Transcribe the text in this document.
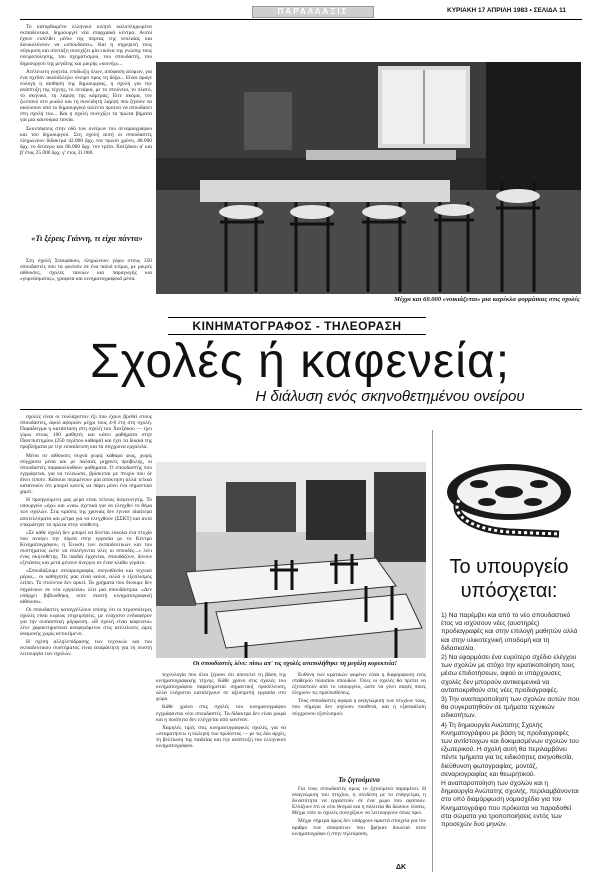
ΠΑΡΑΛΛΑΞΙΣ	ΚΥΡΙΑΚΗ 17 ΑΠΡΙΛΗ 1983 • ΣΕΛΙΔΑ 11

Το κατορθωμένο ελληνικό κινητό καλοπληρωμένο εκπαιδευτικό, δημιουργεί νέα επαρχιακά κέντρα. Αυτοί έχουν εισέλθει μέσω της πόρτας της νεολαίας και διευκολύνουν να «σπουδάσει». Και η σημερινή τους σύγκριση και σύνταξη συνεχίζει μία εικόνα της γνώσης τους ονειροπόλησης, του σχηματισμού, του σπουδαστή, του δημιουργού της μεγάλης και μικρής «κοινής»...

Ατέλειωτη γοητεία, επιδίωξη όλων, απόφαση ατόμων, για ένα σχεδόν ακατάλληλο όνειρο προς τη δόξα... Είναι άραγε εύλογη η αίσθηση της δημιουργίας, η σχολή για την ανάπτυξη της τέχνης, το σενάριο, με το στούντιο, το πλατό, το σκηνικό, τη λάμψη της κάμερας; Είτε ακόμα, τον ζωντανό στο μυαλό και τη συνειδητή λάμψη που ζητούν να ακούσουν από το δημιουργικό ταλέντο προτού να σπουδάσει στη σχολή του... Και η σχολή συνεχίζει τα πρώτα βήματα για μια καινούρια ταινία.

Σκοντάφτεις στην οδό των ονείρων του σεναριογράφου και του δημιουργού. Στη σχολή αυτή οι σπουδαστές πληρώνουν δίδακτρα 42.000 δρχ. τον πρώτο χρόνο, 48.000 δρχ. το δεύτερο και 66.000 δρχ. τον τρίτο. Χατζάκου α' και β' έτος 25.000 δρχ. γ' έτος 31.000.

«Τι ξέρεις Γιάννη, τι είχα πάντα»

Στη σχολή Σταυράκου, πληρώνουν γύρω στους 350 σπουδαστές που τα φοιτούν σε ένα παλιό κτίριο, με μικρές αίθουσες, σχολές ταινιών και παραγωγής και «γυμνάσματος», γραφεία και κινηματογραφικά μέσα.

Μέχρι και 60.000 «νοικιάζεται» μια καρέκλα φορμάικας στις σχολές
ΚΙΝΗΜΑΤΟΓΡΑΦΟΣ - ΤΗΛΕΟΡΑΣΗ
Σχολές ή καφενεία;
Η διάλυση ενός σκηνοθετημένου ονείρου

σχολές είναι οι τουλάχιστον έξι που έχουν βρεθεί στους σπουδαστές, αφού αφορούν μέχρι τους 4-6 έτη στη σχολή. Παράδειγμα η κατάσταση στη σχολή του Χατζάκου — έχει γύρω στους 100 μαθητές και κάνει μαθήματα στην Πανεπιστημίου (250 περίπου καθαρά) και έχει τα δίκαιά της προβλήματα με την εκπαίδευση και τα σύγχρονα εργαλεία.

Μέσα σε αίθουσες συχνά χωρίς καθαρό φως, χωρίς σύγχρονα μέσα και με παλαιές μηχανές προβολής, οι σπουδαστές παρακολουθούν μαθήματα. Ο σπουδαστής που εγγράφεται, για να τελειώσει, βρίσκεται με πτυχίο που δε δίνει τίποτε. Κάποιοι περιμένουν μια απόκτηση αλλά τελικά κατανοούν ότι μπορεί κανείς να πάρει μόνο ένα σημαντικό χαρτί.

Η προηγούμενη μας μέρα είναι τέλειος διερευνητής. Το υπουργείο «όχι» και «ναι» σχετικά για να ελεγχθεί το θέμα των σχολών. Στις κρίσεις της χρονιάς δεν έγιναν ιδιαίτερα αποτελέσματα και μέτρα για να ελεγχθούν (ΣΣΚΤ) και αυτό επικράτησε τα πρώτα στην υπόθεση.

«Σε κάθε σχολή δεν μπορεί να δίνεται εύκολα ένα πτυχίο που ανοίγει την πόρτα στην εργασία με το Κέντρο Κινηματογράφου, η Ένωση των εκπαιδευτικών και του συστήματος ώστε να επιλέγονται όλες οι σπουδές...» λέει ένας σκηνοθέτης. Τα παιδιά έρχονται, σπουδάζουν, δίνουν εξετάσεις και μετά μένουν άνεργοι σε έναν κλάδο γεμάτο.

«Σπουδάζουμε σεναριογραφία, σκηνοθεσία και τεχνικό μέρος... οι καθηγητές μας είναι καλοί, αλλά ο εξοπλισμός λείπει. Το στούντιο δεν αρκεί. Τα χρήματα που δίνουμε δεν πηγαίνουν σε νέα εργαλεία» λέει μια σπουδάστρια. «Δεν υπάρχει βιβλιοθήκη, ούτε σωστή κινηματογραφική αίθουσα».

Οι σπουδαστές καταγγέλλουν επίσης ότι οι περισσότερες σχολές είναι κυρίως επιχειρήσεις, με ελάχιστο ενδιαφέρον για την ουσιαστική μόρφωση. «Η σχολή είναι καφενείο» λένε χαρακτηριστικά αναφερόμενοι στις ατελείωτες ώρες αναμονής χωρίς αντικείμενο.

Η σχέση αλληλεπίδρασης των τεχνικών και του εκπαιδευτικού συστήματος είναι απαραίτητη για τη σωστή λειτουργία των σχολών.

Οι σπουδαστές λένε: πίσω απ' τις σχολές αναπολήθηκε τη μεγάλη κορεκτεία!

τεχνολογία που όλοι ξέρουν ότι αποτελεί τη βάση της κινηματογραφικής τέχνης. Κάθε χρόνο στις σχολές του κινηματογράφου παρατηρείται σημαντική προσέλευση, αλλά ελάχιστοι καταλήγουν σε αξιοπρεπή εργασία στο χώρο.

Κάθε χρόνο στις σχολές του κινηματογράφου εγγράφονται νέοι σπουδαστές. Τα δίδακτρα δεν είναι μικρά και η ποιότητα δεν ελέγχεται από κανέναν.

Χαμηλές τιμές στις κινηματογραφικές σχολές, για να «σταματήσει» η πώληση του προϊόντος — με τις δύο αρχές, τη βελτίωση της παιδείας και την ανάπτυξη του ελληνικού κινηματογράφου.

Ευθύνη των κρατικών φορέων είναι η διαμόρφωση ενός σταθερού πλαισίου σπουδών. Όλες οι σχολές θα πρέπει να εξεταστούν από το υπουργείο, ώστε να γίνει σαφές ποιες πληρούν τις προϋποθέσεις.

Τους σπουδαστές αφορά η αναγνώριση των πτυχίων τους, που σήμερα δεν ισχύουν πουθενά, και η εξασφάλιση σύγχρονου εξοπλισμού.

Το ζητούμενο

Για τους σπουδαστές όμως το ζητούμενο παραμένει. Η αναγνώριση του πτυχίου, η σύνδεση με το επάγγελμα, η δυνατότητα να εργαστούν σε ένα χώρο που αγαπούν. Ελπίζουν ότι οι νέοι θεσμοί και η πολιτεία θα δώσουν λύσεις. Μέχρι τότε οι σχολές συνεχίζουν να λειτουργούν όπως πριν.

Μέχρι σήμερα όμως δεν υπάρχουν αρκετά στοιχεία για τον αριθμό των αποφοίτων που βρήκαν δουλειά στον κινηματογράφο ή στην τηλεόραση.

ΔΚ
Το υπουργείο
υπόσχεται:

1) Να παρέμβει και από το νέο σπουδαστικό έτος να ισχύσουν νέες (αυστηρές) προδιαγραφές και στην επιλογή μαθητών αλλά και στην υλικοτεχνική υποδομή και τη διδασκαλία.

2) Να εφαρμόσει ένα ευρύτερο σχέδιο ελέγχου των σχολών με στόχο την κρατικοποίηση τους μέσω επιδοτήσεων, αφού οι υπάρχουσες σχολές δεν μπορούν αντικειμενικά να ανταποκριθούν στις νέες προδιαγραφές.

3) Την αναπαροποίηση των σχολών αυτών που θα συγκρατηθούν σε τμήματα τεχνικών ειδικοτήτων.

4) Τη δημιουργία Ανώτατης Σχολής Κινηματογράφου με βάση τις προδιαγραφές των αντίστοιχων και δοκιμασμένων σχολών του εξωτερικού. Η σχολή αυτή θα περιλαμβάνει πέντε τμήματα για τις ειδικότητες σκηνοθεσία, διεύθυνση φωτογραφίας, μοντάζ, σεναριογραφίας και θεωρητικού.

Η αναπαροποίηση των σχολών και η δημιουργία Ανώτατης σχολής, περιλαμβάνονται στο υπό διαμόρφωση νομοσχέδιο για τον Κινηματογράφο που πρόκειται να παραδοθεί στα σώματα για τροποποιήσεις εντός των προσεχών δυο μηνών.
